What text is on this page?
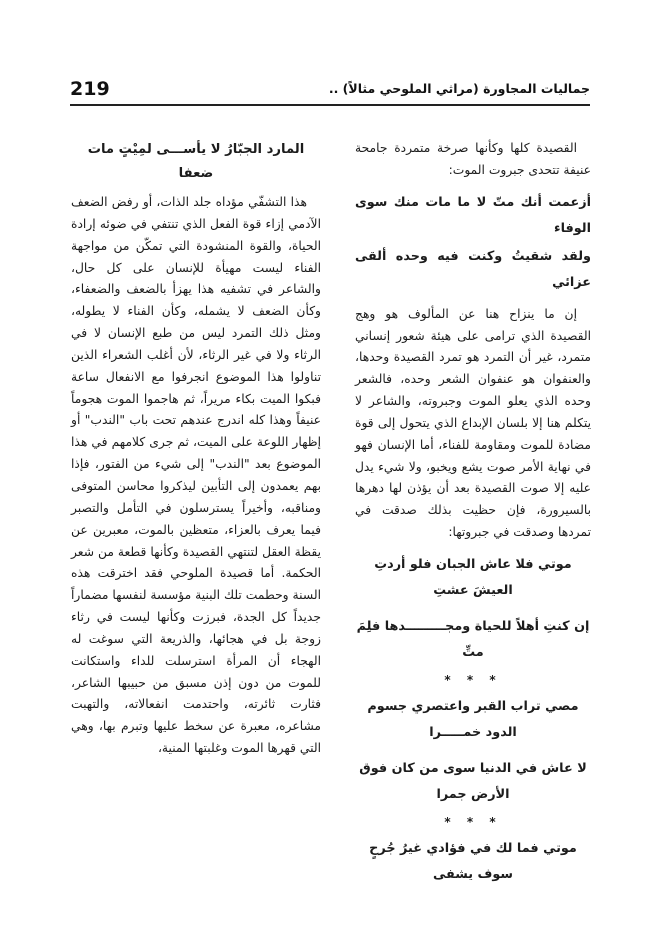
219	جماليات المجاورة (مراثي الملوحي مثالاً) ..

القصيدة كلها وكأنها صرخة متمردة جامحة عنيفة تتحدى جبروت الموت:

أزعمت أنك متّ لا ما مات منك سوى الوفاء

ولقد شقيتُ وكنت فيه وحده ألقى عزائي

إن ما ينزاح هنا عن المألوف هو وهج القصيدة الذي ترامى على هيئة شعور إنساني متمرد، غير أن التمرد هو تمرد القصيدة وحدها، والعنفوان هو عنفوان الشعر وحده، فالشعر وحده الذي يعلو الموت وجبروته، والشاعر لا يتكلم هنا إلا بلسان الإبداع الذي يتحول إلى قوة مضادة للموت ومقاومة للفناء، أما الإنسان فهو في نهاية الأمر صوت يشع ويخبو، ولا شيء يدل عليه إلا صوت القصيدة بعد أن يؤذن لها دهرها بالسيرورة، فإن حظيت بذلك صدقت في تمردها وصدقت في جبروتها:

موتي فلا عاش الجبان فلو أردتِ العيشَ عشتِ

إن كنتِ أهلاً للحياة ومجـــــــــدها فلِمَ متِّ

* * *

مصي تراب القبر واعتصري جسوم الدود خمـــــرا

لا عاش في الدنيا سوى من كان فوق الأرض جمرا

* * *

موتي فما لك في فؤادي غيرُ جُرحٍ سوف يشفى

المارد الجبّارُ لا يأســـى لمِيْتٍ مات ضعفا

هذا التشفّي مؤداه جلد الذات، أو رفض الضعف الآدمي إزاء قوة الفعل الذي تنتفي في ضوئه إرادة الحياة، والقوة المنشودة التي تمكّن من مواجهة الفناء ليست مهيأة للإنسان على كل حال، والشاعر في تشفيه هذا يهزأ بالضعف والضعفاء، وكأن الضعف لا يشمله، وكأن الفناء لا يطوله، ومثل ذلك التمرد ليس من طبع الإنسان لا في الرثاء ولا في غير الرثاء، لأن أغلب الشعراء الذين تناولوا هذا الموضوع انجرفوا مع الانفعال ساعة فبكوا الميت بكاء مريراً، ثم هاجموا الموت هجوماً عنيفاً وهذا كله اندرج عندهم تحت باب "الندب" أو إظهار اللوعة على الميت، ثم جرى كلامهم في هذا الموضوع بعد "الندب" إلى شيء من الفتور، فإذا بهم يعمدون إلى التأبين ليذكروا محاسن المتوفى ومناقبه، وأخيراً يسترسلون في التأمل والتصبر فيما يعرف بالعزاء، متعظين بالموت، معبرين عن يقظة العقل لتنتهي القصيدة وكأنها قطعة من شعر الحكمة. أما قصيدة الملوحي فقد اخترقت هذه السنة وحطمت تلك البنية مؤسسة لنفسها مضماراً جديداً كل الجدة، فبرزت وكأنها ليست في رثاء زوجة بل في هجائها، والذريعة التي سوغت له الهجاء أن المرأة استرسلت للداء واستكانت للموت من دون إذن مسبق من حبيبها الشاعر، فثارت ثائرته، واحتدمت انفعالاته، والتهبت مشاعره، معبرة عن سخط عليها وتبرم بها، وهي التي قهرها الموت وغلبتها المنية،
